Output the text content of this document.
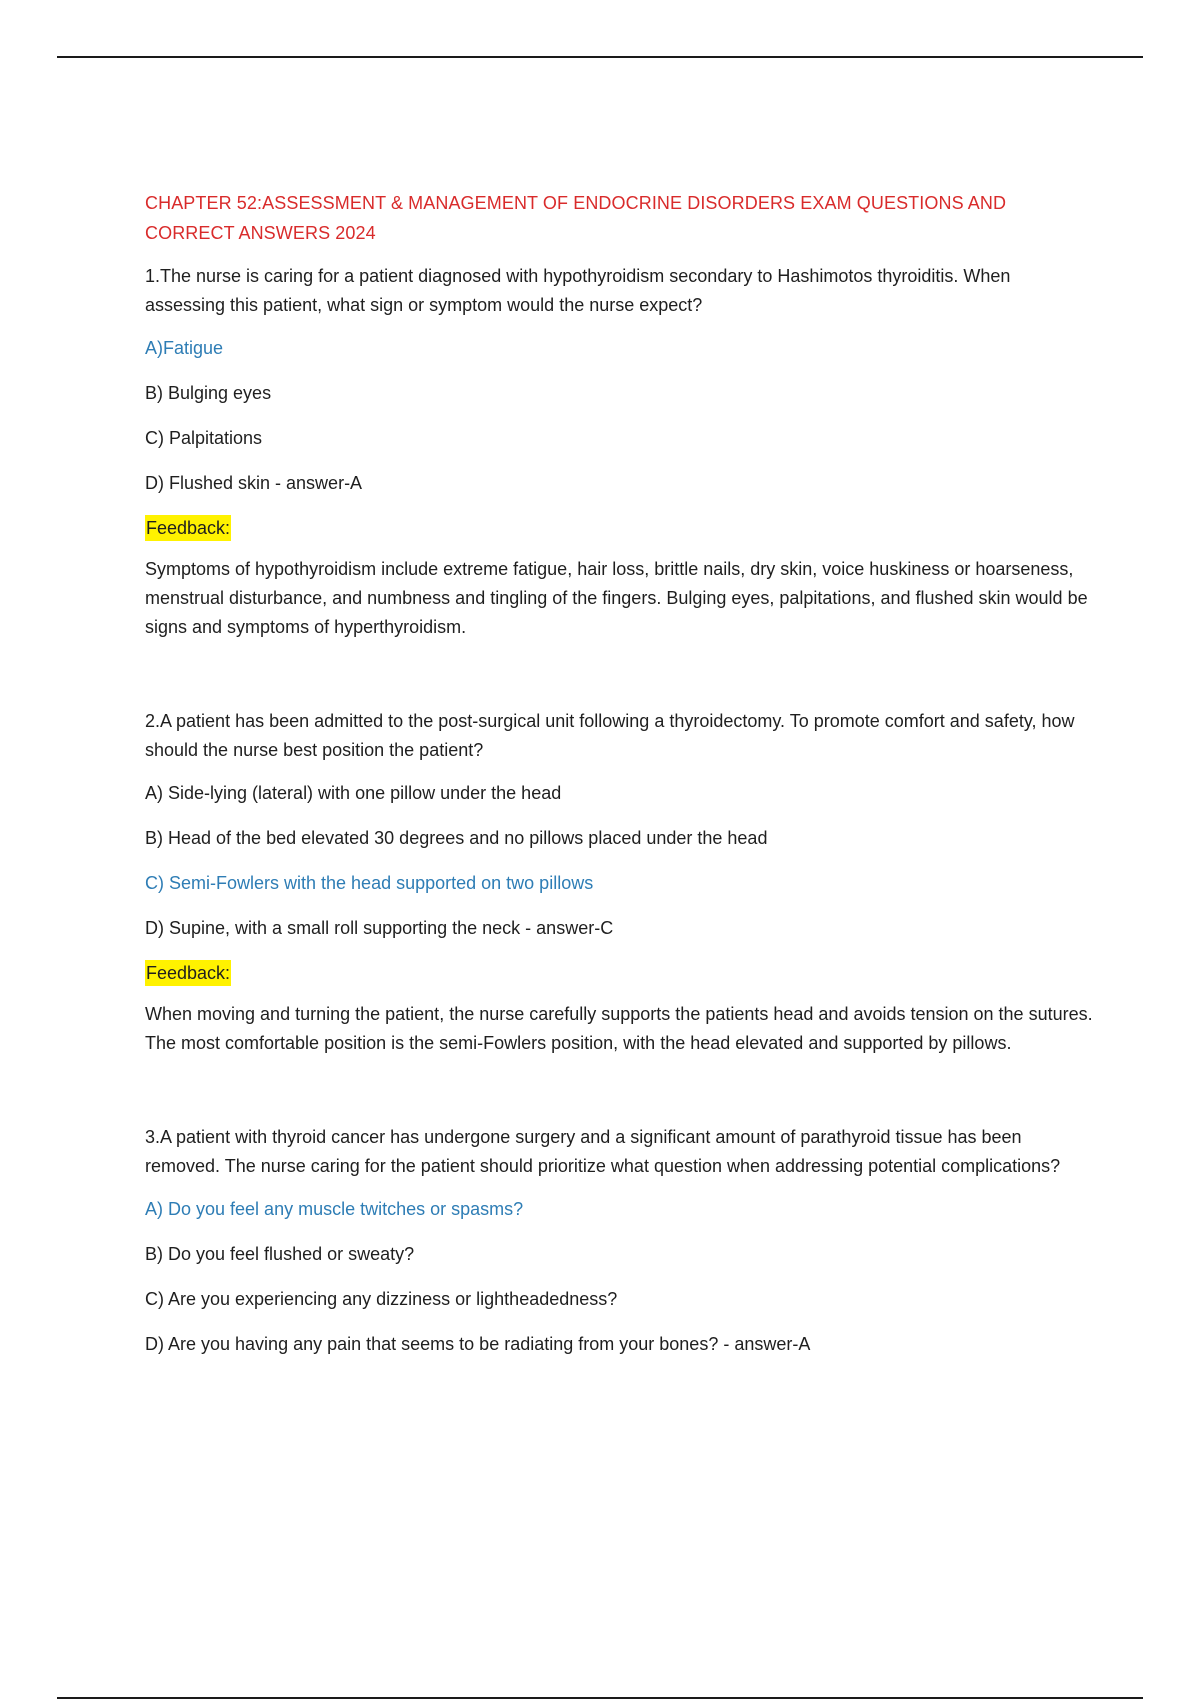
CHAPTER 52:ASSESSMENT & MANAGEMENT OF ENDOCRINE DISORDERS EXAM QUESTIONS AND CORRECT ANSWERS 2024
1.The nurse is caring for a patient diagnosed with hypothyroidism secondary to Hashimotos thyroiditis. When assessing this patient, what sign or symptom would the nurse expect?
A)Fatigue
B) Bulging eyes
C) Palpitations
D) Flushed skin - answer-A
Feedback:
Symptoms of hypothyroidism include extreme fatigue, hair loss, brittle nails, dry skin, voice huskiness or hoarseness, menstrual disturbance, and numbness and tingling of the fingers. Bulging eyes, palpitations, and flushed skin would be signs and symptoms of hyperthyroidism.
2.A patient has been admitted to the post-surgical unit following a thyroidectomy. To promote comfort and safety, how should the nurse best position the patient?
A) Side-lying (lateral) with one pillow under the head
B) Head of the bed elevated 30 degrees and no pillows placed under the head
C) Semi-Fowlers with the head supported on two pillows
D) Supine, with a small roll supporting the neck - answer-C
Feedback:
When moving and turning the patient, the nurse carefully supports the patients head and avoids tension on the sutures. The most comfortable position is the semi-Fowlers position, with the head elevated and supported by pillows.
3.A patient with thyroid cancer has undergone surgery and a significant amount of parathyroid tissue has been removed. The nurse caring for the patient should prioritize what question when addressing potential complications?
A) Do you feel any muscle twitches or spasms?
B) Do you feel flushed or sweaty?
C) Are you experiencing any dizziness or lightheadedness?
D) Are you having any pain that seems to be radiating from your bones? - answer-A
